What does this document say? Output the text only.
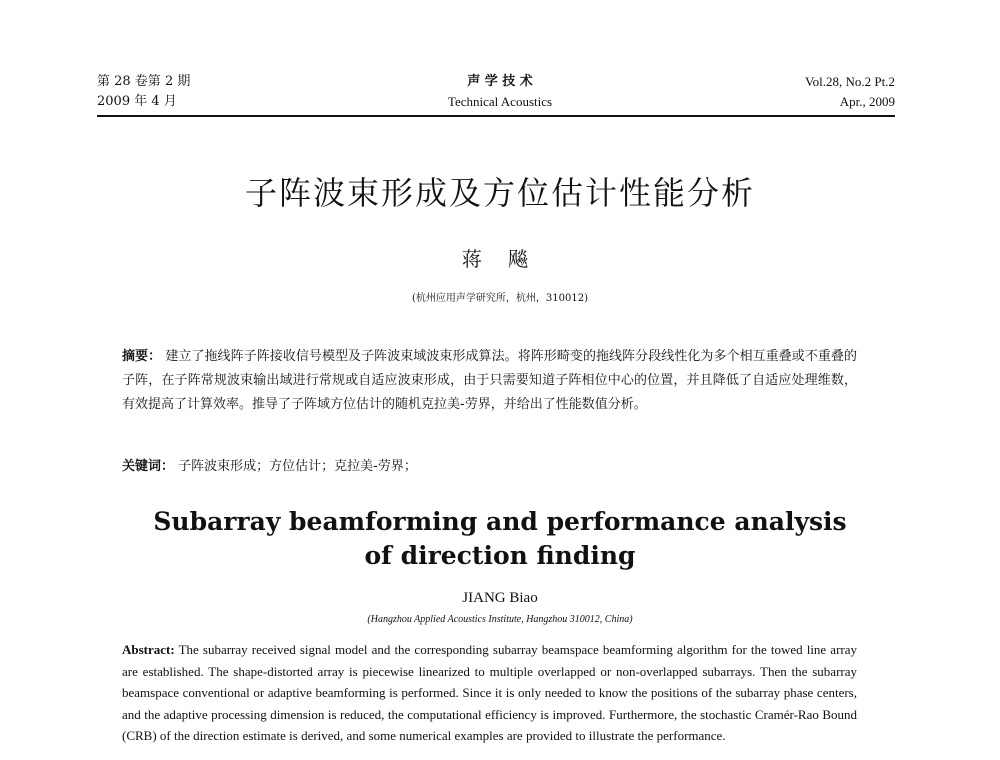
第 28 卷第 2 期
2009 年 4 月
声 学 技 术
Technical Acoustics
Vol.28, No.2 Pt.2
Apr., 2009
子阵波束形成及方位估计性能分析
蒋 飚
(杭州应用声学研究所，杭州，310012)
摘要： 建立了拖线阵子阵接收信号模型及子阵波束域波束形成算法。将阵形畸变的拖线阵分段线性化为多个相互重叠或不重叠的子阵，在子阵常规波束输出域进行常规或自适应波束形成，由于只需要知道子阵相位中心的位置，并且降低了自适应处理维数，有效提高了计算效率。推导了子阵域方位估计的随机克拉美-劳界，并给出了性能数值分析。
关键词： 子阵波束形成；方位估计；克拉美-劳界；
Subarray beamforming and performance analysis of direction finding
JIANG Biao
(Hangzhou Applied Acoustics Institute, Hangzhou 310012, China)
Abstract: The subarray received signal model and the corresponding subarray beamspace beamforming algorithm for the towed line array are established. The shape-distorted array is piecewise linearized to multiple overlapped or non-overlapped subarrays. Then the subarray beamspace conventional or adaptive beamforming is performed. Since it is only needed to know the positions of the subarray phase centers, and the adaptive processing dimension is reduced, the computational efficiency is improved. Furthermore, the stochastic Cramér-Rao Bound (CRB) of the direction estimate is derived, and some numerical examples are provided to illustrate the performance.
